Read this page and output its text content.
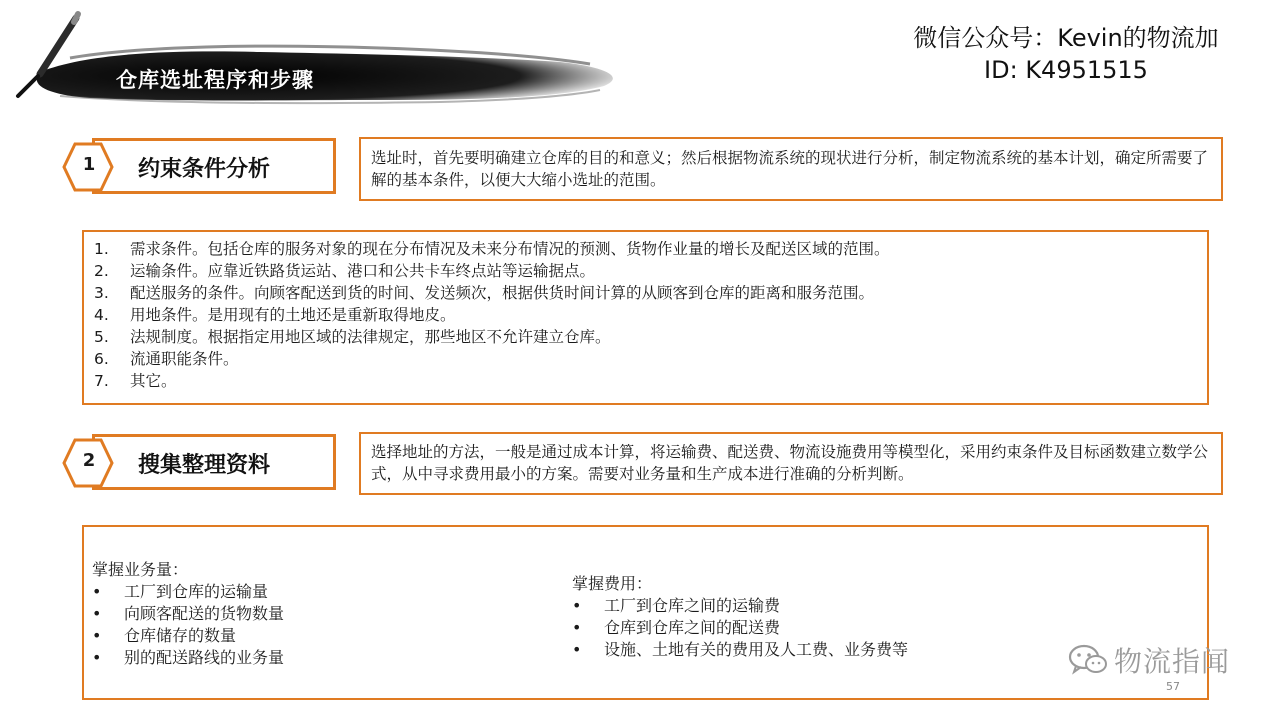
仓库选址程序和步骤
微信公众号：Kevin的物流加
ID: K4951515
1	约束条件分析	选址时，首先要明确建立仓库的目的和意义；然后根据物流系统的现状进行分析，制定物流系统的基本计划，确定所需要了解的基本条件，以便大大缩小选址的范围。

1.	需求条件。包括仓库的服务对象的现在分布情况及未来分布情况的预测、货物作业量的增长及配送区域的范围。
2.	运输条件。应靠近铁路货运站、港口和公共卡车终点站等运输据点。
3.	配送服务的条件。向顾客配送到货的时间、发送频次，根据供货时间计算的从顾客到仓库的距离和服务范围。
4.	用地条件。是用现有的土地还是重新取得地皮。
5.	法规制度。根据指定用地区域的法律规定，那些地区不允许建立仓库。
6.	流通职能条件。
7.	其它。
2	搜集整理资料

选择地址的方法，一般是通过成本计算，将运输费、配送费、物流设施费用等模型化，采用约束条件及目标函数建立数学公式，从中寻求费用最小的方案。需要对业务量和生产成本进行准确的分析判断。

掌握业务量：
•	工厂到仓库的运输量
•	向顾客配送的货物数量
•	仓库储存的数量
•	别的配送路线的业务量
掌握费用：
•	工厂到仓库之间的运输费
•	仓库到仓库之间的配送费
•	设施、土地有关的费用及人工费、业务费等	物流指闻
57
